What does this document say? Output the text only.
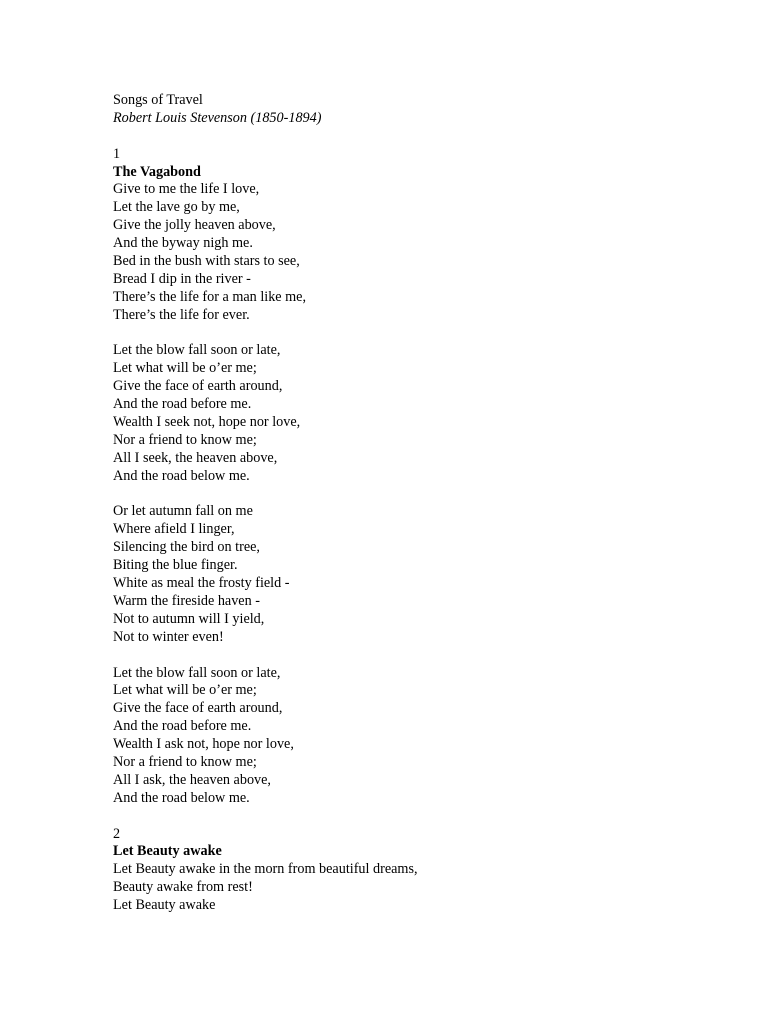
Songs of Travel
Robert Louis Stevenson (1850-1894)
1
The Vagabond
Give to me the life I love,
Let the lave go by me,
Give the jolly heaven above,
And the byway nigh me.
Bed in the bush with stars to see,
Bread I dip in the river -
There’s the life for a man like me,
There’s the life for ever.
Let the blow fall soon or late,
Let what will be o’er me;
Give the face of earth around,
And the road before me.
Wealth I seek not, hope nor love,
Nor a friend to know me;
All I seek, the heaven above,
And the road below me.
Or let autumn fall on me
Where afield I linger,
Silencing the bird on tree,
Biting the blue finger.
White as meal the frosty field -
Warm the fireside haven -
Not to autumn will I yield,
Not to winter even!
Let the blow fall soon or late,
Let what will be o’er me;
Give the face of earth around,
And the road before me.
Wealth I ask not, hope nor love,
Nor a friend to know me;
All I ask, the heaven above,
And the road below me.
2
Let Beauty awake
Let Beauty awake in the morn from beautiful dreams,
Beauty awake from rest!
Let Beauty awake
